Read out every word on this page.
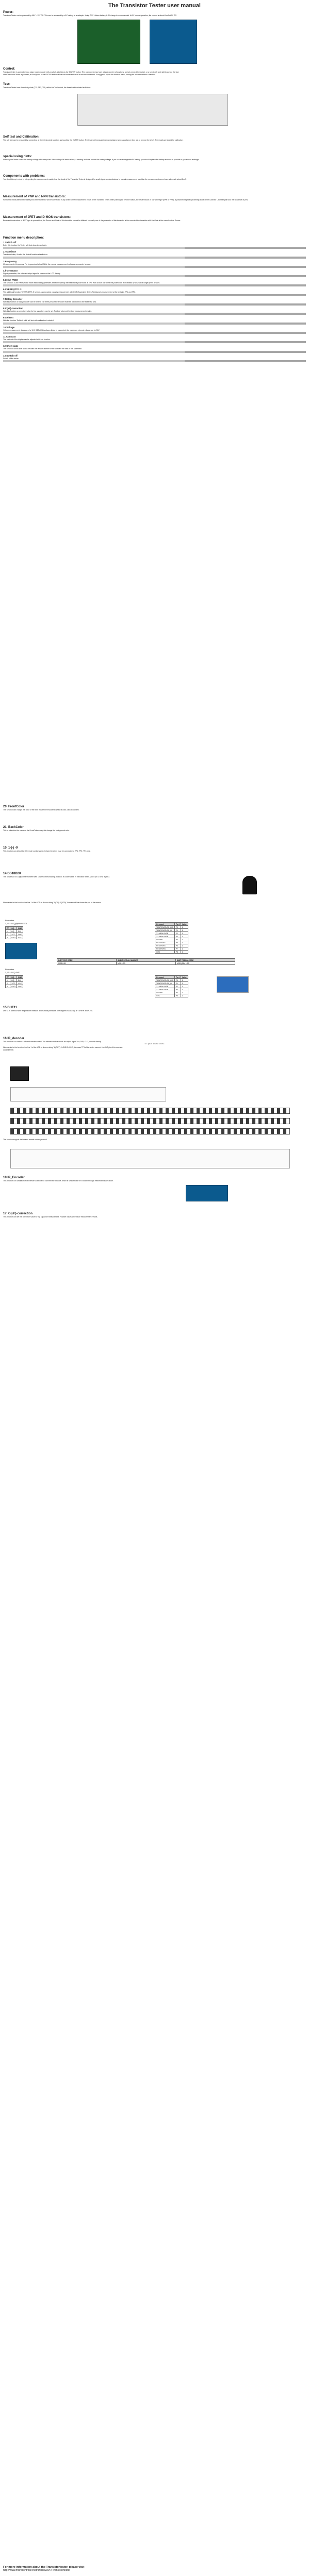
The Transistor Tester user manual
Power:
Transistor Tester can be powered by 6.8V – 12V DC. This can be achieved by a 9V battery or an adapter. Using 7.2V Lithium battery, 6.8V charge is recommended. At 9V normal operation, the current is about 40mA at 9V DC.
Control:
Transistor tester is controlled by a rotary pulse encoder with a switch, labelled as the 'ENTER' button. This component may have a large number of positions, a short press of the switch, or a turn to left and right to control the test.
After Transistor Tester is powered, a short press of the ENTER switch will cause the tester to start a new measurement. A long press opens the function menu, turning the encoder selects a function.
Test:
Transistor Tester have three test points (TP1,TP2,TP3), within the Tool socket, the three is abbreviated as follows.
Self test and Calibration:
The self test can be prepared by connecting all three test points together and pushing the ENTER button. The tester will measure internal resistance and capacitance, then ask to remove the short. The results are stored for calibration.
special using hints:
Normally the Tester shows the battery voltage with every start. If the voltage fall below a limit, a warning is shown behind the battery voltage. If you use a rechargeable 9V battery, you should replace the battery as soon as possible or you should recharge.
Components with problems:
You should keep in mind by interpreting the measurement results, that the circuit of the Transistor Tester is designed for small signal semiconductors. In normal measurement condition the measurement current can only reach about 6 mA.
Measurement of PNP and NPN transistors:
For normal measurement the three pins of the transistor will be connected in any order to the measurement inputs of the Transistor Tester. After pushing the ENTER button, the Tester shows in row 1 the type (NPN or PNP), a possible integrated protecting diode of the Collector – Emitter path and the sequence of pins.
Measurement of JFET and D-MOS transistors:
Because the structure of JFET type is symmetrical, the Source and Drain of this transistor cannot be differed. Normally one of the parameter of this transistor is the current of the transistor with the Gate at the same level as Source.
Function menu description:
1.Switch off
Enter this function the Tester will shut down immediately.
2.Transistor
Transistor tester, it's also the default function at switch on.
3.Frequency
Measurement of frequency. For frequencies below 25kHz the normal measurement by frequency counter is used.
4.f-Generator
Signal generation, the selected output signal is shown on the LCD display.
5.10-bit PWM
The function '10-bit PWM' (Pulse Width Modulation) generates a fixed frequency with selectable pulse width at TP2. With a short key press the pulse width is increased by 1%, with a longer press by 10%.
6.C+ESR@TP1:3
The additional function 'C+ESR@TP1:3' selects a stand-alone capacity measurement with ESR (Equivalent Series Resistance) measurement at the test pins TP1 and TP3.
7.Rotary Encoder
With this function a rotary encoder can be tested. The three pins of the encoder must be connected to the three test pins.
8.C(μF)-correction
With this function a correction value for big capacitors can be set. Positive values will reduce measurement results.
9.Selftest
With the function 'Selftest' a full self test with calibration is started.
10.Voltage
Voltage measurement, because of a 10:1 (180k:20k) voltage divider is connected, the maximum external voltage can be 50V.
11.Contrast
The contrast of the display can be adjusted with this function.
12.Show data
The function 'Show data' shows besides the version number of the software the data of the calibration.
13.Switch off
Switch off the tester.
20. FrontColor
The function can change the color of the font. Rotate the encoder to select a color, click to confirm.
21. BackColor
This is a function the same as the FrontColor except it's change the background color.
10. 1-(-) -9
This function can detect the IR remote control signal. Infrared receiver must be connected to TP1, TP2, TP3 pins.
14.DS18B20
The DS18B20 is a Digital Thermometer with 1-Wire communicating protocol. Its code will be in Transistor tester, Vcc is pin 1 GND is pin 3.
When enter in the function, the line 1 of the LCD is show a string '1-(DQ)-3 (VDD)', the second line shows the pin of the sensor.
Pin number
1,2,3 = 1-DQ(8)PRMREG06
TP	DQ	GND
1	DQ	DQ
2	VCC	GND
3	GND	VCC
Keyword	Port	Value
TEMPERATURE_L05	P0	1
TEMPERATURE_H	P1	1
T1-MEM-BYTE	P2	1
T2-MEM-BYTE	P3	1
CONFIG	P4	1
RESERVED	P5	1
RESERVED	P6	1
RESERVED	P7	1
CRC	P8	1
8-BIT CRC CODE	48-BIT SERIAL NUMBER	8-BIT FAMILY CODE
MSB LSB	MSB LSB	MSB (28h) LSB
Pin number
1,2,3 = 1-DQ-DHT1
TP	DQ	GND
1	DQ	DQ
2	VCC	VCC
3	GND	GND
Keyword	Port	Value
TEMPERATURE_L05	P0	1
TEMPERATURE_H	P1	1
T1-MEM-BYTE	P2	1
T2-MEM-BYTE	P3	1
CONFIG	P4	1
CRC	P5	1
15.DHT11
DHT11 is a sensor with temperature measure and humidity measure. The degree of accuracy is +-5%RH and +-2°C.
16.IR_decoder
This function is to detect a infrared remote control. The infrared module needs an output signal Vs, GND, OUT, connect directly.
1= (OUT 2=GND 3=VCC
When enter in the function, the line 1 of the LCD is show a string '1-(OUT) 2=GND 3=VCC', it's mean TP1 of the tester connect the OUT pin of the receiver.
Look like this:
The function support the infrared remote control protocol.
18.IR_Encoder
This function is a simulator of IR Remote Controller. It can emit the IR code, which is similar to the IR Encoder through infrared emission diode.
17. C(uF)-correction
This function can set the correction value for big capacitor measurement, Positive values will reduce measurement results.
For more information about the Transistortester, please visit
http://www.mikrocontroller.net/articles/AVR-Transistortester
